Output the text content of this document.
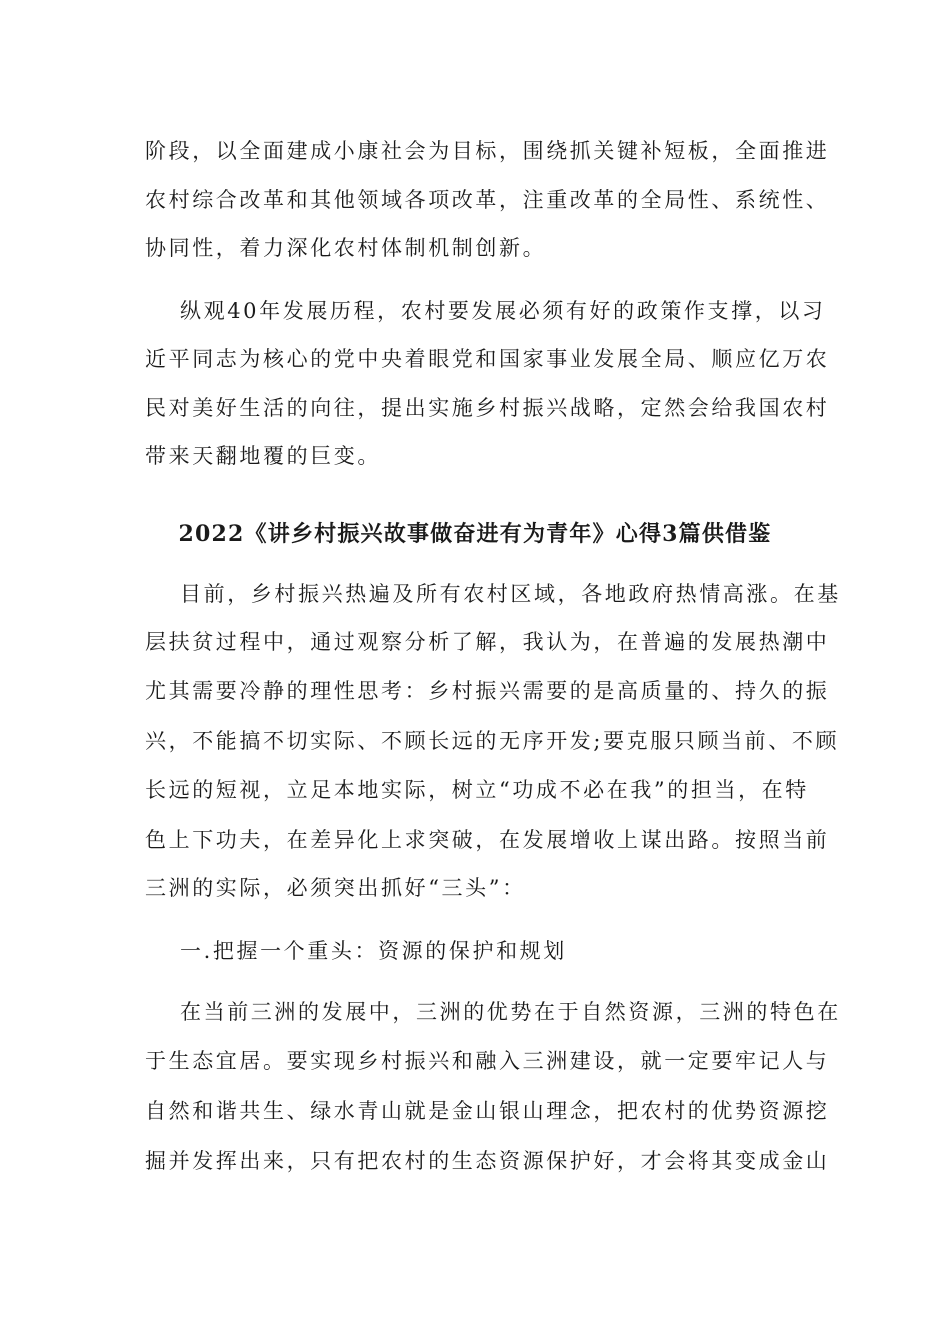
阶段，以全面建成小康社会为目标，围绕抓关键补短板，全面推进
农村综合改革和其他领域各项改革，注重改革的全局性、系统性、
协同性，着力深化农村体制机制创新。
纵观40年发展历程，农村要发展必须有好的政策作支撑，以习
近平同志为核心的党中央着眼党和国家事业发展全局、顺应亿万农
民对美好生活的向往，提出实施乡村振兴战略，定然会给我国农村
带来天翻地覆的巨变。
2022《讲乡村振兴故事做奋进有为青年》心得3篇供借鉴
目前，乡村振兴热遍及所有农村区域，各地政府热情高涨。在基
层扶贫过程中，通过观察分析了解，我认为，在普遍的发展热潮中
尤其需要冷静的理性思考：乡村振兴需要的是高质量的、持久的振
兴，不能搞不切实际、不顾长远的无序开发;要克服只顾当前、不顾
长远的短视，立足本地实际，树立“功成不必在我”的担当，在特
色上下功夫，在差异化上求突破，在发展增收上谋出路。按照当前
三洲的实际，必须突出抓好“三头”：
一.把握一个重头：资源的保护和规划
在当前三洲的发展中，三洲的优势在于自然资源，三洲的特色在
于生态宜居。要实现乡村振兴和融入三洲建设，就一定要牢记人与
自然和谐共生、绿水青山就是金山银山理念，把农村的优势资源挖
掘并发挥出来，只有把农村的生态资源保护好，才会将其变成金山
